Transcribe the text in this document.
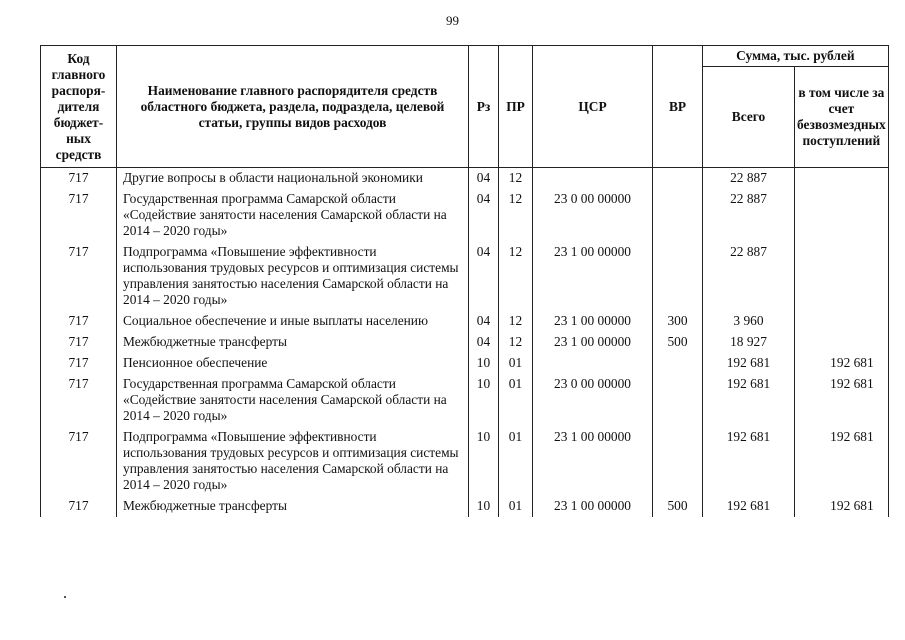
99
Код главного распоря-дителя бюджет-ных средств	Наименование главного распорядителя средств областного бюджета, раздела, подраздела, целевой статьи, группы видов расходов	Рз	ПР	ЦСР	ВР	Сумма, тыс. рублей	
						Всего	в том числе за счет безвозмездных поступлений
717	Другие вопросы в области национальной экономики	04	12			22 887	
717	Государственная программа Самарской области «Содействие занятости населения Самарской области на 2014 – 2020 годы»	04	12	23 0 00 00000		22 887	
717	Подпрограмма «Повышение эффективности использования трудовых ресурсов и оптимизация системы управления занятостью населения Самарской области на 2014 – 2020 годы»	04	12	23 1 00 00000		22 887	
717	Социальное обеспечение и иные выплаты населению	04	12	23 1 00 00000	300	3 960	
717	Межбюджетные трансферты	04	12	23 1 00 00000	500	18 927	
717	Пенсионное обеспечение	10	01			192 681	192 681
717	Государственная программа Самарской области «Содействие занятости населения Самарской области на 2014 – 2020 годы»	10	01	23 0 00 00000		192 681	192 681
717	Подпрограмма «Повышение эффективности использования трудовых ресурсов и оптимизация системы управления занятостью населения Самарской области на 2014 – 2020 годы»	10	01	23 1 00 00000		192 681	192 681
717	Межбюджетные трансферты	10	01	23 1 00 00000	500	192 681	192 681
